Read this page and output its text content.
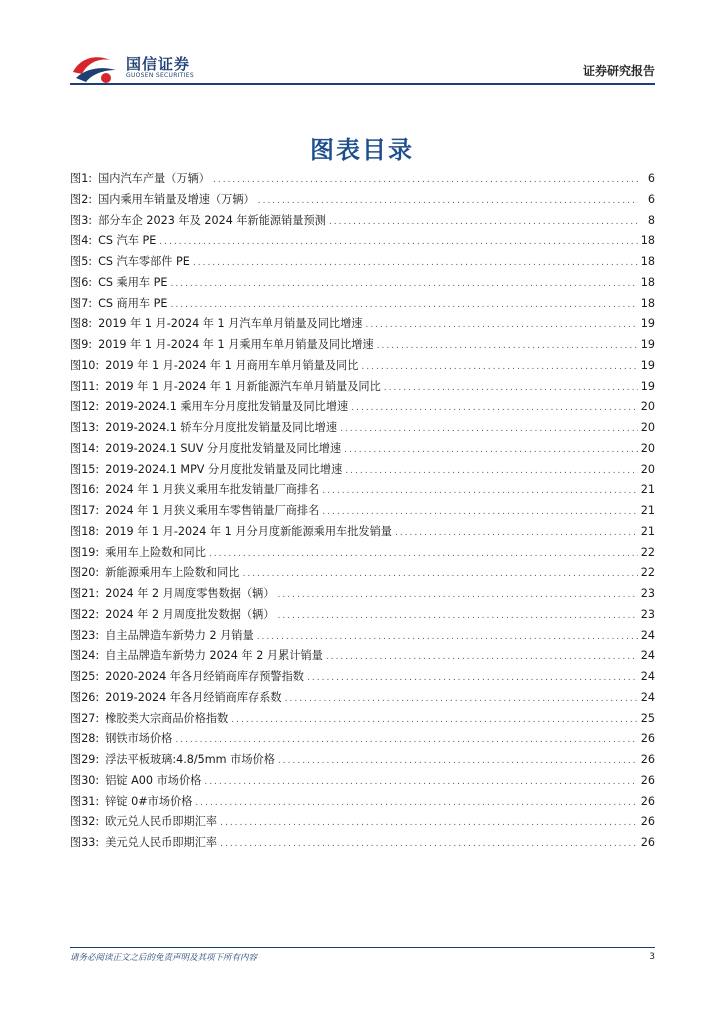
国信证券
GUOSEN SECURITIES	证券研究报告
图表目录
图1: 国内汽车产量（万辆） .....	6
图2: 国内乘用车销量及增速（万辆） .....	6
图3: 部分车企 2023 年及 2024 年新能源销量预测 .....	8
图4: CS 汽车 PE .....	18
图5: CS 汽车零部件 PE .....	18
图6: CS 乘用车 PE .....	18
图7: CS 商用车 PE .....	18
图8: 2019 年 1 月-2024 年 1 月汽车单月销量及同比增速 .....	19
图9: 2019 年 1 月-2024 年 1 月乘用车单月销量及同比增速 .....	19
图10: 2019 年 1 月-2024 年 1 月商用车单月销量及同比 .....	19
图11: 2019 年 1 月-2024 年 1 月新能源汽车单月销量及同比 .....	19
图12: 2019-2024.1 乘用车分月度批发销量及同比增速 .....	20
图13: 2019-2024.1 轿车分月度批发销量及同比增速 .....	20
图14: 2019-2024.1 SUV 分月度批发销量及同比增速 .....	20
图15: 2019-2024.1 MPV 分月度批发销量及同比增速 .....	20
图16: 2024 年 1 月狭义乘用车批发销量厂商排名 .....	21
图17: 2024 年 1 月狭义乘用车零售销量厂商排名 .....	21
图18: 2019 年 1 月-2024 年 1 月分月度新能源乘用车批发销量 .....	21
图19: 乘用车上险数和同比 .....	22
图20: 新能源乘用车上险数和同比 .....	22
图21: 2024 年 2 月周度零售数据（辆） .....	23
图22: 2024 年 2 月周度批发数据（辆） .....	23
图23: 自主品牌造车新势力 2 月销量 .....	24
图24: 自主品牌造车新势力 2024 年 2 月累计销量 .....	24
图25: 2020-2024 年各月经销商库存预警指数 .....	24
图26: 2019-2024 年各月经销商库存系数 .....	24
图27: 橡胶类大宗商品价格指数 .....	25
图28: 钢铁市场价格 .....	26
图29: 浮法平板玻璃:4.8/5mm 市场价格 .....	26
图30: 铝锭 A00 市场价格 .....	26
图31: 锌锭 0#市场价格 .....	26
图32: 欧元兑人民币即期汇率 .....	26
图33: 美元兑人民币即期汇率 .....	26
请务必阅读正文之后的免责声明及其项下所有内容	3
